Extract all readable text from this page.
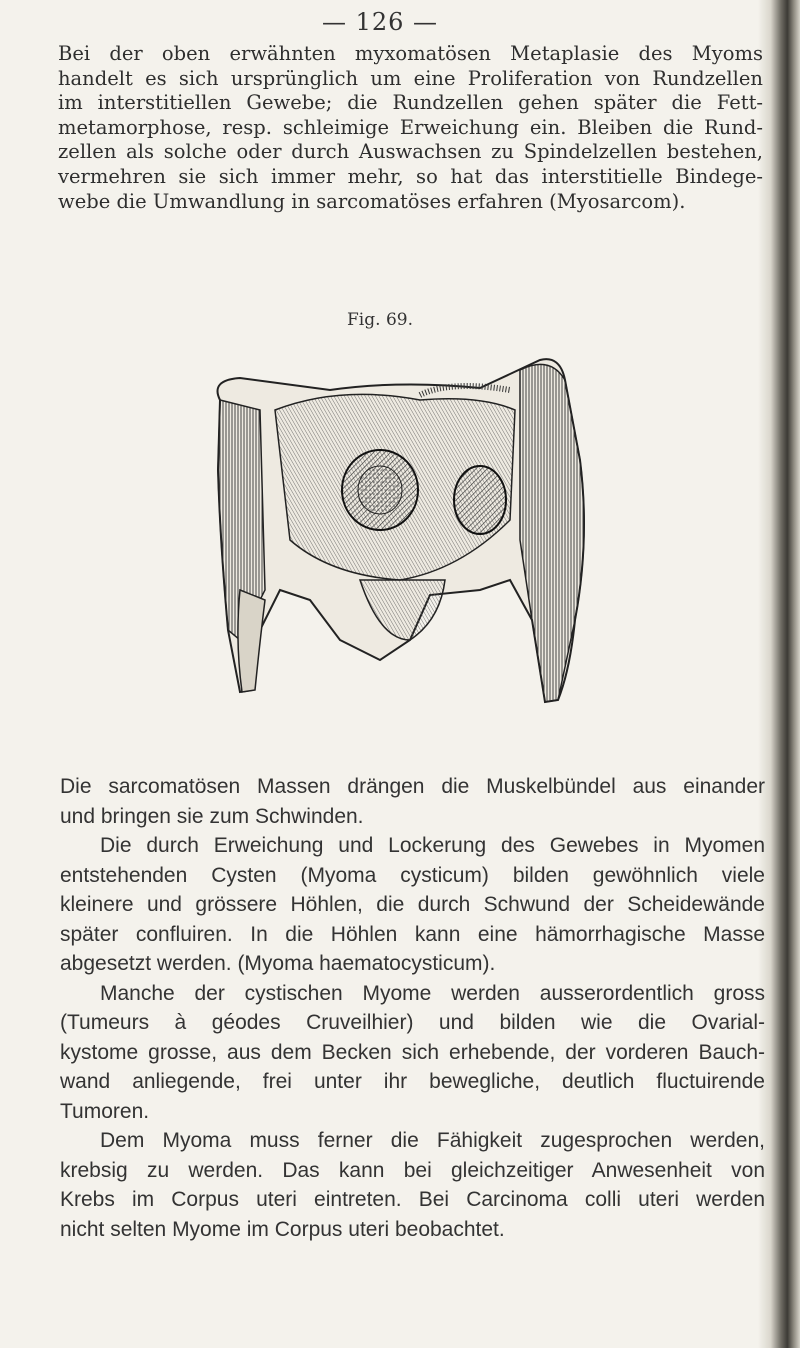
— 126 —
Bei der oben erwähnten myxomatösen Metaplasie des Myoms
handelt es sich ursprünglich um eine Proliferation von Rundzellen
im interstitiellen Gewebe; die Rundzellen gehen später die Fett-
metamorphose, resp. schleimige Erweichung ein. Bleiben die Rund-
zellen als solche oder durch Auswachsen zu Spindelzellen bestehen,
vermehren sie sich immer mehr, so hat das interstitielle Bindege-
webe die Umwandlung in sarcomatöses erfahren (Myosarcom).
Fig. 69.
Die sarcomatösen Massen drängen die Muskelbündel aus einander
und bringen sie zum Schwinden.
Die durch Erweichung und Lockerung des Gewebes in Myomen
entstehenden Cysten (Myoma cysticum) bilden gewöhnlich viele
kleinere und grössere Höhlen, die durch Schwund der Scheidewände
später confluiren. In die Höhlen kann eine hämorrhagische Masse
abgesetzt werden. (Myoma haematocysticum).
Manche der cystischen Myome werden ausserordentlich gross
(Tumeurs à géodes Cruveilhier) und bilden wie die Ovarial-
kystome grosse, aus dem Becken sich erhebende, der vorderen Bauch-
wand anliegende, frei unter ihr bewegliche, deutlich fluctuirende
Tumoren.
Dem Myoma muss ferner die Fähigkeit zugesprochen werden,
krebsig zu werden. Das kann bei gleichzeitiger Anwesenheit von
Krebs im Corpus uteri eintreten. Bei Carcinoma colli uteri werden
nicht selten Myome im Corpus uteri beobachtet.
